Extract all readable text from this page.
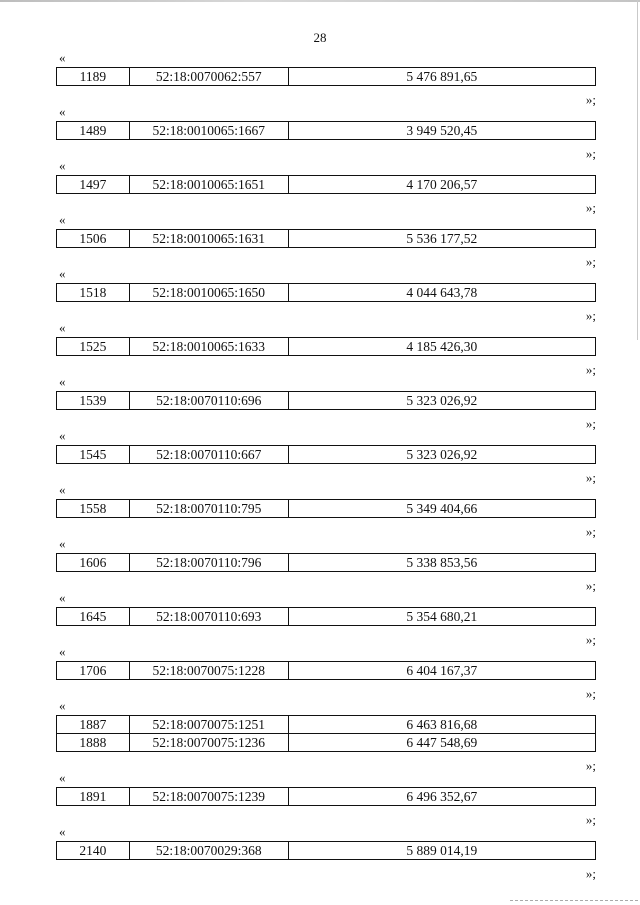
28
«
1189	52:18:0070062:557	5 476 891,65
»;
«
1489	52:18:0010065:1667	3 949 520,45
»;
«
1497	52:18:0010065:1651	4 170 206,57
»;
«
1506	52:18:0010065:1631	5 536 177,52
»;
«
1518	52:18:0010065:1650	4 044 643,78
»;
«
1525	52:18:0010065:1633	4 185 426,30
»;
«
1539	52:18:0070110:696	5 323 026,92
»;
«
1545	52:18:0070110:667	5 323 026,92
»;
«
1558	52:18:0070110:795	5 349 404,66
»;
«
1606	52:18:0070110:796	5 338 853,56
»;
«
1645	52:18:0070110:693	5 354 680,21
»;
«
1706	52:18:0070075:1228	6 404 167,37
»;
«
1887	52:18:0070075:1251	6 463 816,68
1888	52:18:0070075:1236	6 447 548,69
»;
«
1891	52:18:0070075:1239	6 496 352,67
»;
«
2140	52:18:0070029:368	5 889 014,19
»;
